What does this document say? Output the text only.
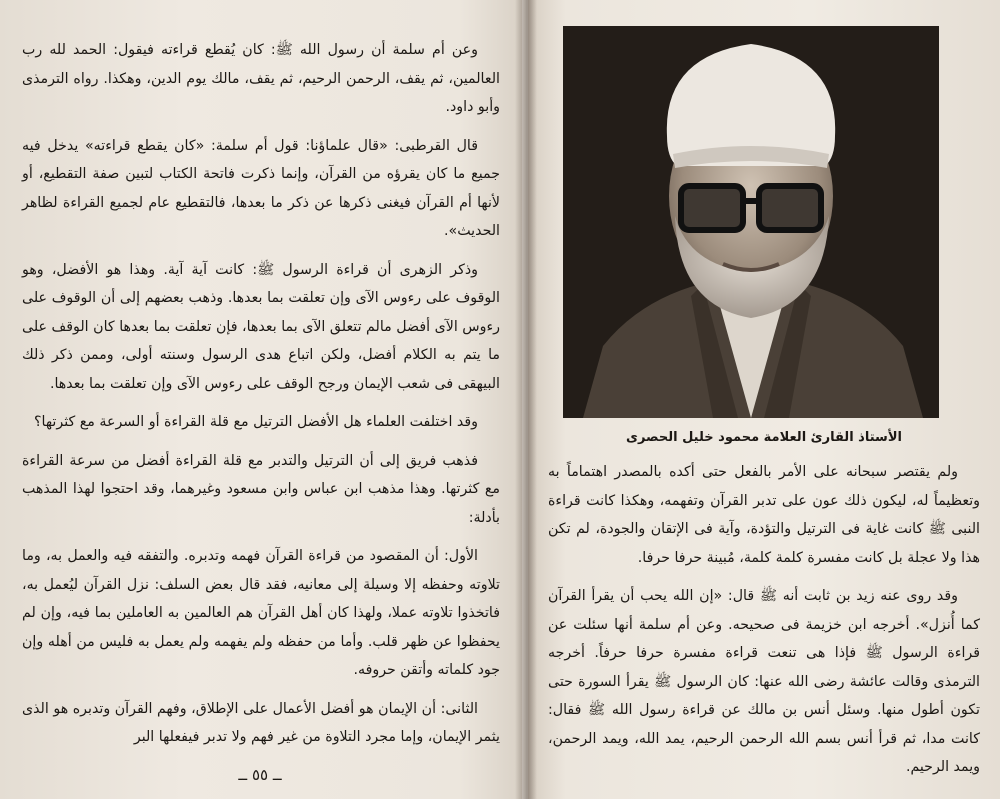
وعن أم سلمة أن رسول الله ﷺ: كان يُقطع قراءته فيقول: الحمد لله رب العالمين، ثم يقف، الرحمن الرحيم، ثم يقف، مالك يوم الدين، وهكذا. رواه الترمذى وأبو داود.

قال القرطبى: «قال علماؤنا: قول أم سلمة: «كان يقطع قراءته» يدخل فيه جميع ما كان يقرؤه من القرآن، وإنما ذكرت فاتحة الكتاب لتبين صفة التقطيع، أو لأنها أم القرآن فيغنى ذكرها عن ذكر ما بعدها، فالتقطيع عام لجميع القراءة لظاهر الحديث».

وذكر الزهرى أن قراءة الرسول ﷺ: كانت آية آية. وهذا هو الأفضل، وهو الوقوف على رءوس الآى وإن تعلقت بما بعدها. وذهب بعضهم إلى أن الوقوف على رءوس الآى أفضل مالم تتعلق الآى بما بعدها، فإن تعلقت بما بعدها كان الوقف على ما يتم به الكلام أفضل، ولكن اتباع هدى الرسول وسنته أولى، وممن ذكر ذلك البيهقى فى شعب الإيمان ورجح الوقف على رءوس الآى وإن تعلقت بما بعدها.

وقد اختلفت العلماء هل الأفضل الترتيل مع قلة القراءة أو السرعة مع كثرتها؟

فذهب فريق إلى أن الترتيل والتدبر مع قلة القراءة أفضل من سرعة القراءة مع كثرتها. وهذا مذهب ابن عباس وابن مسعود وغيرهما، وقد احتجوا لهذا المذهب بأدلة:

الأول: أن المقصود من قراءة القرآن فهمه وتدبره. والتفقه فيه والعمل به، وما تلاوته وحفظه إلا وسيلة إلى معانيه، فقد قال بعض السلف: نزل القرآن ليُعمل به، فاتخذوا تلاوته عملا، ولهذا كان أهل القرآن هم العالمين به العاملين بما فيه، وإن لم يحفظوا عن ظهر قلب. وأما من حفظه ولم يفهمه ولم يعمل به فليس من أهله وإن جود كلماته وأتقن حروفه.

الثانى: أن الإيمان هو أفضل الأعمال على الإطلاق، وفهم القرآن وتدبره هو الذى يثمر الإيمان، وإما مجرد التلاوة من غير فهم ولا تدبر فيفعلها البر

ــ ٥٥ ــ
الأستاذ القارئ العلامة محمود خليل الحصرى

ولم يقتصر سبحانه على الأمر بالفعل حتى أكده بالمصدر اهتماماً به وتعظيماً له، ليكون ذلك عون على تدبر القرآن وتفهمه، وهكذا كانت قراءة النبى ﷺ كانت غاية فى الترتيل والتؤدة، وآية فى الإتقان والجودة، لم تكن هذا ولا عجلة بل كانت مفسرة كلمة كلمة، مُبينة حرفا حرفا.

وقد روى عنه زيد بن ثابت أنه ﷺ قال: «إن الله يحب أن يقرأ القرآن كما أُنزل». أخرجه ابن خزيمة فى صحيحه. وعن أم سلمة أنها سئلت عن قراءة الرسول ﷺ فإذا هى تنعت قراءة مفسرة حرفا حرفاً. أخرجه الترمذى وقالت عائشة رضى الله عنها: كان الرسول ﷺ يقرأ السورة حتى تكون أطول منها. وسئل أنس بن مالك عن قراءة رسول الله ﷺ فقال: كانت مدا، ثم قرأ أنس بسم الله الرحمن الرحيم، يمد الله، ويمد الرحمن، ويمد الرحيم.
